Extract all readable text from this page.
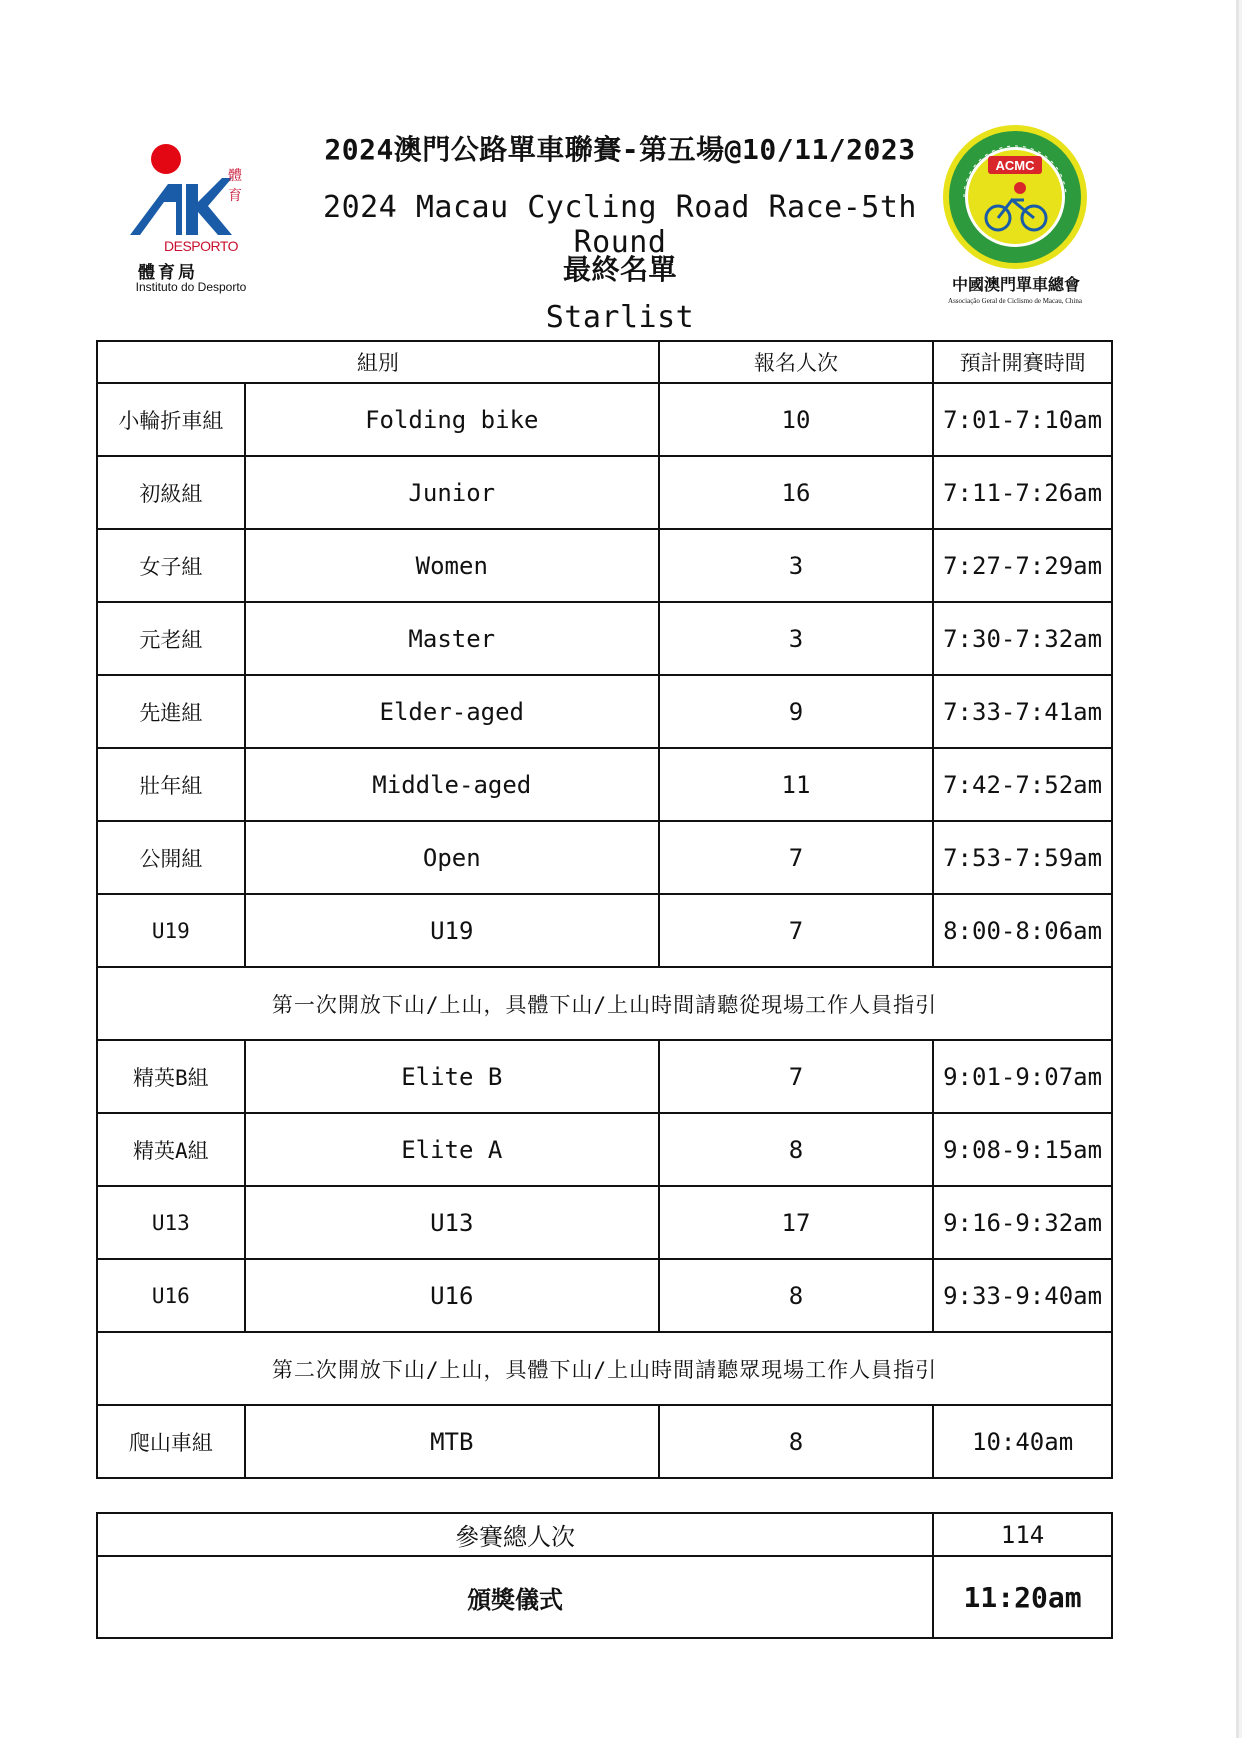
體育
DESPORTO
體育局
Instituto do Desporto
2024澳門公路單車聯賽-第五場@10/11/2023
2024 Macau Cycling Road Race-5th Round
最終名單
Starlist
ACMC
中國澳門單車總會
Associação Geral de Ciclismo de Macau, China
組別		報名人次	預計開賽時間
小輪折車組	Folding bike	10	7:01-7:10am
初級組	Junior	16	7:11-7:26am
女子組	Women	3	7:27-7:29am
元老組	Master	3	7:30-7:32am
先進組	Elder-aged	9	7:33-7:41am
壯年組	Middle-aged	11	7:42-7:52am
公開組	Open	7	7:53-7:59am
U19	U19	7	8:00-8:06am
第一次開放下山/上山，具體下山/上山時間請聽從現場工作人員指引			
精英B組	Elite B	7	9:01-9:07am
精英A組	Elite A	8	9:08-9:15am
U13	U13	17	9:16-9:32am
U16	U16	8	9:33-9:40am
第二次開放下山/上山，具體下山/上山時間請聽眾現場工作人員指引			
爬山車組	MTB	8	10:40am
參賽總人次	114
頒獎儀式	11:20am
